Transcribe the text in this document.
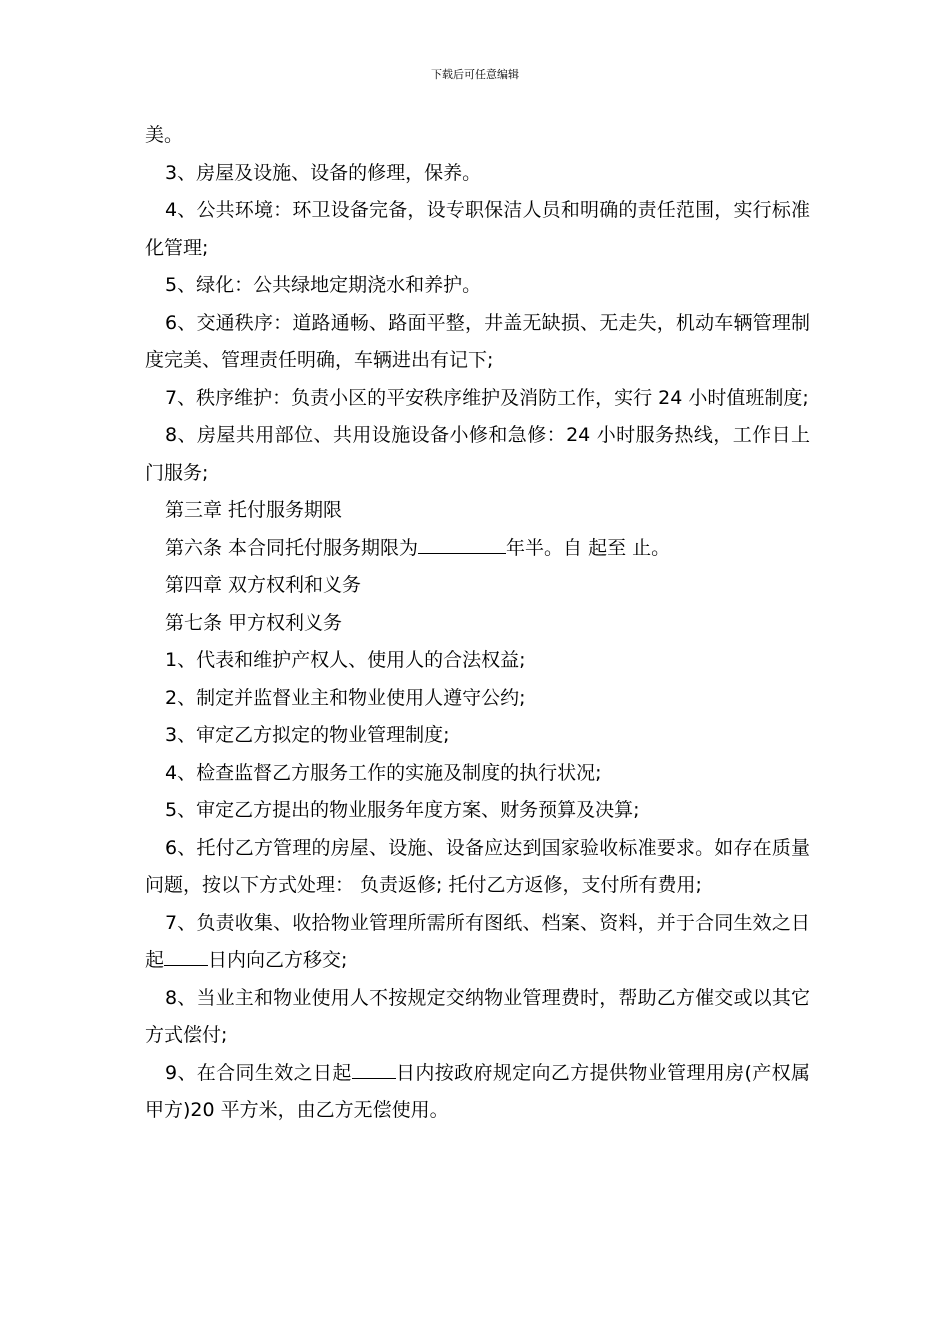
下载后可任意编辑

美。

3、房屋及设施、设备的修理，保养。

4、公共环境：环卫设备完备，设专职保洁人员和明确的责任范围，实行标准化管理;

5、绿化：公共绿地定期浇水和养护。

6、交通秩序：道路通畅、路面平整，井盖无缺损、无走失，机动车辆管理制度完美、管理责任明确，车辆进出有记下;

7、秩序维护：负责小区的平安秩序维护及消防工作，实行 24 小时值班制度;

8、房屋共用部位、共用设施设备小修和急修：24 小时服务热线，工作日上门服务;

第三章 托付服务期限

第六条 本合同托付服务期限为	年半。自 起至 止。

第四章 双方权利和义务

第七条 甲方权利义务

1、代表和维护产权人、使用人的合法权益;

2、制定并监督业主和物业使用人遵守公约;

3、审定乙方拟定的物业管理制度;

4、检查监督乙方服务工作的实施及制度的执行状况;

5、审定乙方提出的物业服务年度方案、财务预算及决算;

6、托付乙方管理的房屋、设施、设备应达到国家验收标准要求。如存在质量问题，按以下方式处理： 负责返修; 托付乙方返修，支付所有费用;

7、负责收集、收拾物业管理所需所有图纸、档案、资料，并于合同生效之日起 日内向乙方移交;

8、当业主和物业使用人不按规定交纳物业管理费时，帮助乙方催交或以其它方式偿付;

9、在合同生效之日起 日内按政府规定向乙方提供物业管理用房(产权属甲方)20 平方米，由乙方无偿使用。
